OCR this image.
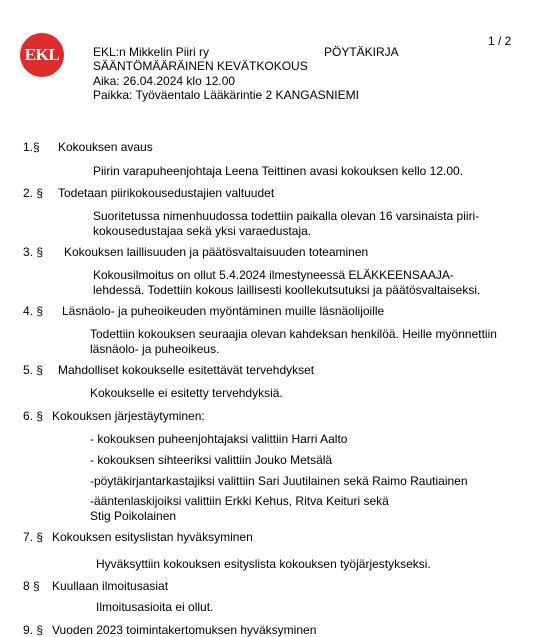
1 / 2
EKL	EKL:n Mikkelin Piiri ry	PÖYTÄKIRJA
SÄÄNTÖMÄÄRÄINEN KEVÄTKOKOUS
Aika: 26.04.2024 klo 12.00
Paikka: Työväentalo Lääkärintie 2 KANGASNIEMI
1.§ Kokouksen avaus
Piirin varapuheenjohtaja Leena Teittinen avasi kokouksen kello 12.00.
2. § Todetaan piirikokousedustajien valtuudet
Suoritetussa nimenhuudossa todettiin paikalla olevan 16 varsinaista piiri-kokousedustajaa sekä yksi varaedustaja.
3. § Kokouksen laillisuuden ja päätösvaltaisuuden toteaminen
Kokousilmoitus on ollut 5.4.2024 ilmestyneessä ELÄKKEENSAAJA-lehdessä. Todettiin kokous laillisesti koollekutsutuksi ja päätösvaltaiseksi.
4. § Läsnäolo- ja puheoikeuden myöntäminen muille läsnäolijoille
Todettiin kokouksen seuraajia olevan kahdeksan henkilöä. Heille myönnettiin läsnäolo- ja puheoikeus.
5. § Mahdolliset kokoukselle esitettävät tervehdykset
Kokoukselle ei esitetty tervehdyksiä.
6. § Kokouksen järjestäytyminen:
- kokouksen puheenjohtajaksi valittiin Harri Aalto
- kokouksen sihteeriksi valittiin Jouko Metsälä
-pöytäkirjantarkastajiksi valittiin Sari Juutilainen sekä Raimo Rautiainen
-ääntenlaskijoiksi valittiin Erkki Kehus, Ritva Keituri sekä Stig Poikolainen
7. § Kokouksen esityslistan hyväksyminen
Hyväksyttiin kokouksen esityslista kokouksen työjärjestykseksi.
8 § Kuullaan ilmoitusasiat
Ilmoitusasioita ei ollut.
9. § Vuoden 2023 toimintakertomuksen hyväksyminen
